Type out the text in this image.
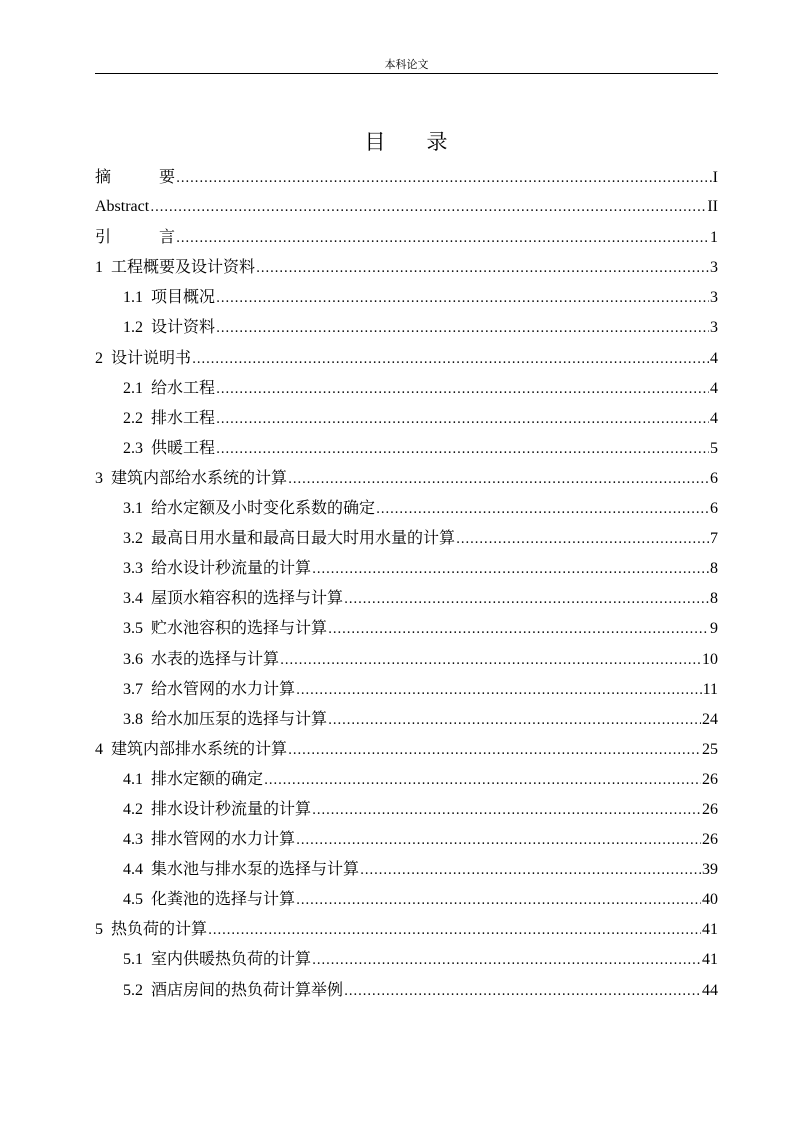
本科论文
目 录
摘	要 .....	I
Abstract .....	II
引	言 .....	1
1 工程概要及设计资料 .....	3
1.1 项目概况 .....	3
1.2 设计资料 .....	3
2 设计说明书 .....	4
2.1 给水工程 .....	4
2.2 排水工程 .....	4
2.3 供暖工程 .....	5
3 建筑内部给水系统的计算 .....	6
3.1 给水定额及小时变化系数的确定 .....	6
3.2 最高日用水量和最高日最大时用水量的计算 .....	7
3.3 给水设计秒流量的计算 .....	8
3.4 屋顶水箱容积的选择与计算 .....	8
3.5 贮水池容积的选择与计算 .....	9
3.6 水表的选择与计算 .....	10
3.7 给水管网的水力计算 .....	11
3.8 给水加压泵的选择与计算 .....	24
4 建筑内部排水系统的计算 .....	25
4.1 排水定额的确定 .....	26
4.2 排水设计秒流量的计算 .....	26
4.3 排水管网的水力计算 .....	26
4.4 集水池与排水泵的选择与计算 .....	39
4.5 化粪池的选择与计算 .....	40
5 热负荷的计算 .....	41
5.1 室内供暖热负荷的计算 .....	41
5.2 酒店房间的热负荷计算举例 .....	44
